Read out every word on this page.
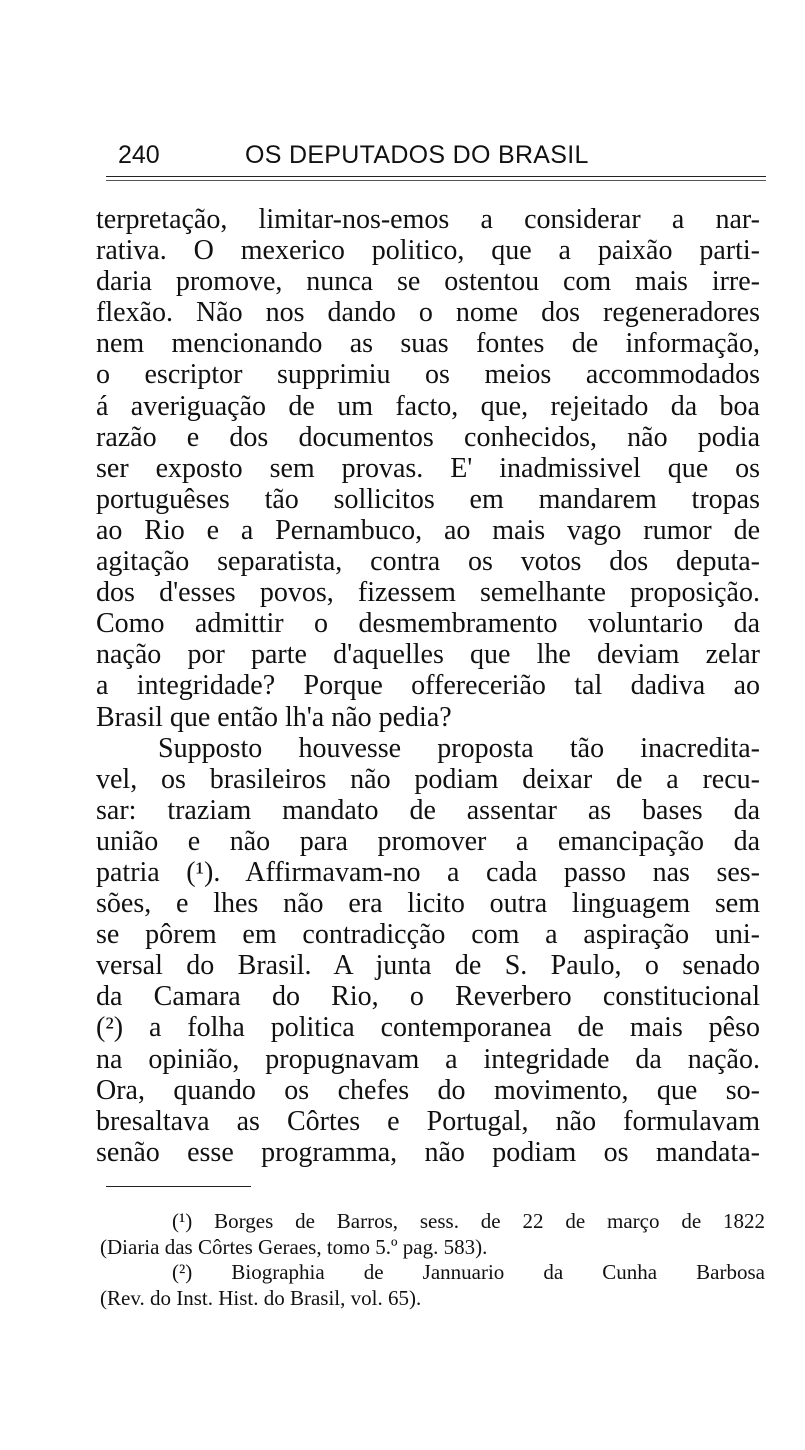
240	OS DEPUTADOS DO BRASIL
terpretação, limitar-nos-emos a considerar a nar-
rativa. O mexerico politico, que a paixão parti-
daria promove, nunca se ostentou com mais irre-
flexão. Não nos dando o nome dos regeneradores
nem mencionando as suas fontes de informação,
o escriptor supprimiu os meios accommodados
á averiguação de um facto, que, rejeitado da boa
razão e dos documentos conhecidos, não podia
ser exposto sem provas. E' inadmissivel que os
portuguêses tão sollicitos em mandarem tropas
ao Rio e a Pernambuco, ao mais vago rumor de
agitação separatista, contra os votos dos deputa-
dos d'esses povos, fizessem semelhante proposição.
Como admittir o desmembramento voluntario da
nação por parte d'aquelles que lhe deviam zelar
a integridade? Porque offerecerião tal dadiva ao
Brasil que então lh'a não pedia?
Supposto houvesse proposta tão inacredita-
vel, os brasileiros não podiam deixar de a recu-
sar: traziam mandato de assentar as bases da
união e não para promover a emancipação da
patria (¹). Affirmavam-no a cada passo nas ses-
sões, e lhes não era licito outra linguagem sem
se pôrem em contradicção com a aspiração uni-
versal do Brasil. A junta de S. Paulo, o senado
da Camara do Rio, o Reverbero constitucional
(²) a folha politica contemporanea de mais pêso
na opinião, propugnavam a integridade da nação.
Ora, quando os chefes do movimento, que so-
bresaltava as Côrtes e Portugal, não formulavam
senão esse programma, não podiam os mandata-
(¹) Borges de Barros, sess. de 22 de março de 1822
(Diaria das Côrtes Geraes, tomo 5.º pag. 583).
(²) Biographia de Jannuario da Cunha Barbosa
(Rev. do Inst. Hist. do Brasil, vol. 65).
